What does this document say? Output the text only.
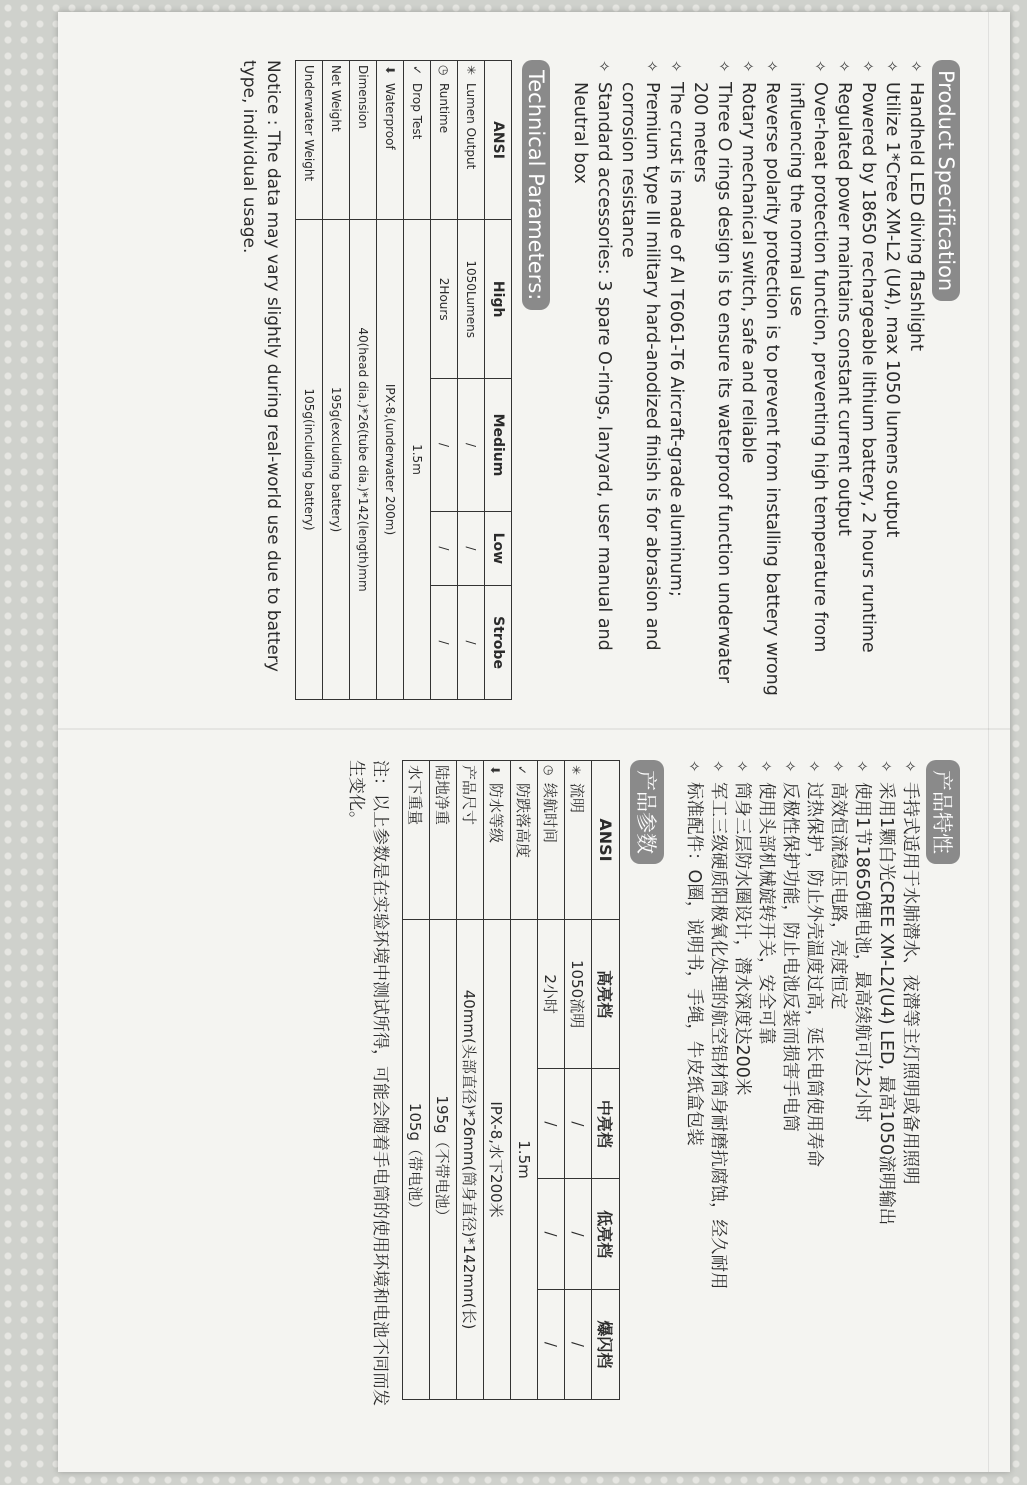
Product Specification
✧
Handheld LED diving flashlight
✧
Utilize 1*Cree XM-L2 (U4), max 1050 lumens output
✧
Powered by 18650 rechargeable lithium battery, 2 hours runtime
✧
Regulated power maintains constant current output
✧
Over-heat protection function, preventing high temperature from influencing the normal use
✧
Reverse polarity protection is to prevent from installing battery wrong
✧
Rotary mechanical switch, safe and reliable
✧
Three O rings design is to ensure its waterproof function underwater 200 meters
✧
The crust is made of Al T6061-T6 Aircraft-grade aluminum;
✧
Premium type III military hard-anodized finish is for abrasion and corrosion resistance
✧
Standard accessories: 3 spare O-rings, lanyard, user manual and Neutral box
Technical Parameters:
ANSI	High	Medium	Low	Strobe
✳Lumen Output	1050Lumens	/	/	/
◷Runtime	2Hours	/	/	/
✓Drop Test	1.5m			
⬇Waterproof	IPX-8,(underwater 200m)			
Dimension	40(head dia.)*26(tube dia.)*142(length)mm			
Net Weight	195g(excluding battery)			
Underwater Weight	105g(including battery)			
Notice : The data may vary slightly during real-world use due to battery type, individual usage.
产品特性
✧
手持式适用于水肺潜水、夜潜等主灯照明或备用照明
✧
采用1颗白光CREE XM-L2(U4) LED, 最高1050流明输出
✧
使用1节18650锂电池，最高续航可达2小时
✧
高效恒流稳压电路，亮度恒定
✧
过热保护，防止外壳温度过高，延长电筒使用寿命
✧
反极性保护功能，防止电池反装而损害手电筒
✧
使用头部机械旋转开关，安全可靠
✧
筒身三层防水圈设计，潜水深度达200米
✧
军工三级硬质阳极氧化处理的航空铝材筒身耐磨抗腐蚀，经久耐用
✧
标准配件：O圈，说明书，手绳，牛皮纸盒包装
产品参数
ANSI	高亮档	中亮档	低亮档	爆闪档
✳流明	1050流明	/	/	/
◷续航时间	2小时	/	/	/
✓防跌落高度	1.5m			
⬇防水等级	IPX-8,水下200米			
产品尺寸	40mm(头部直径)*26mm(筒身直径)*142mm(长)			
陆地净重	195g（不带电池）			
水下重量	105g（带电池）			
注：以上参数是在实验环境中测试所得，可能会随着手电筒的使用环境和电池不同而发生变化。
